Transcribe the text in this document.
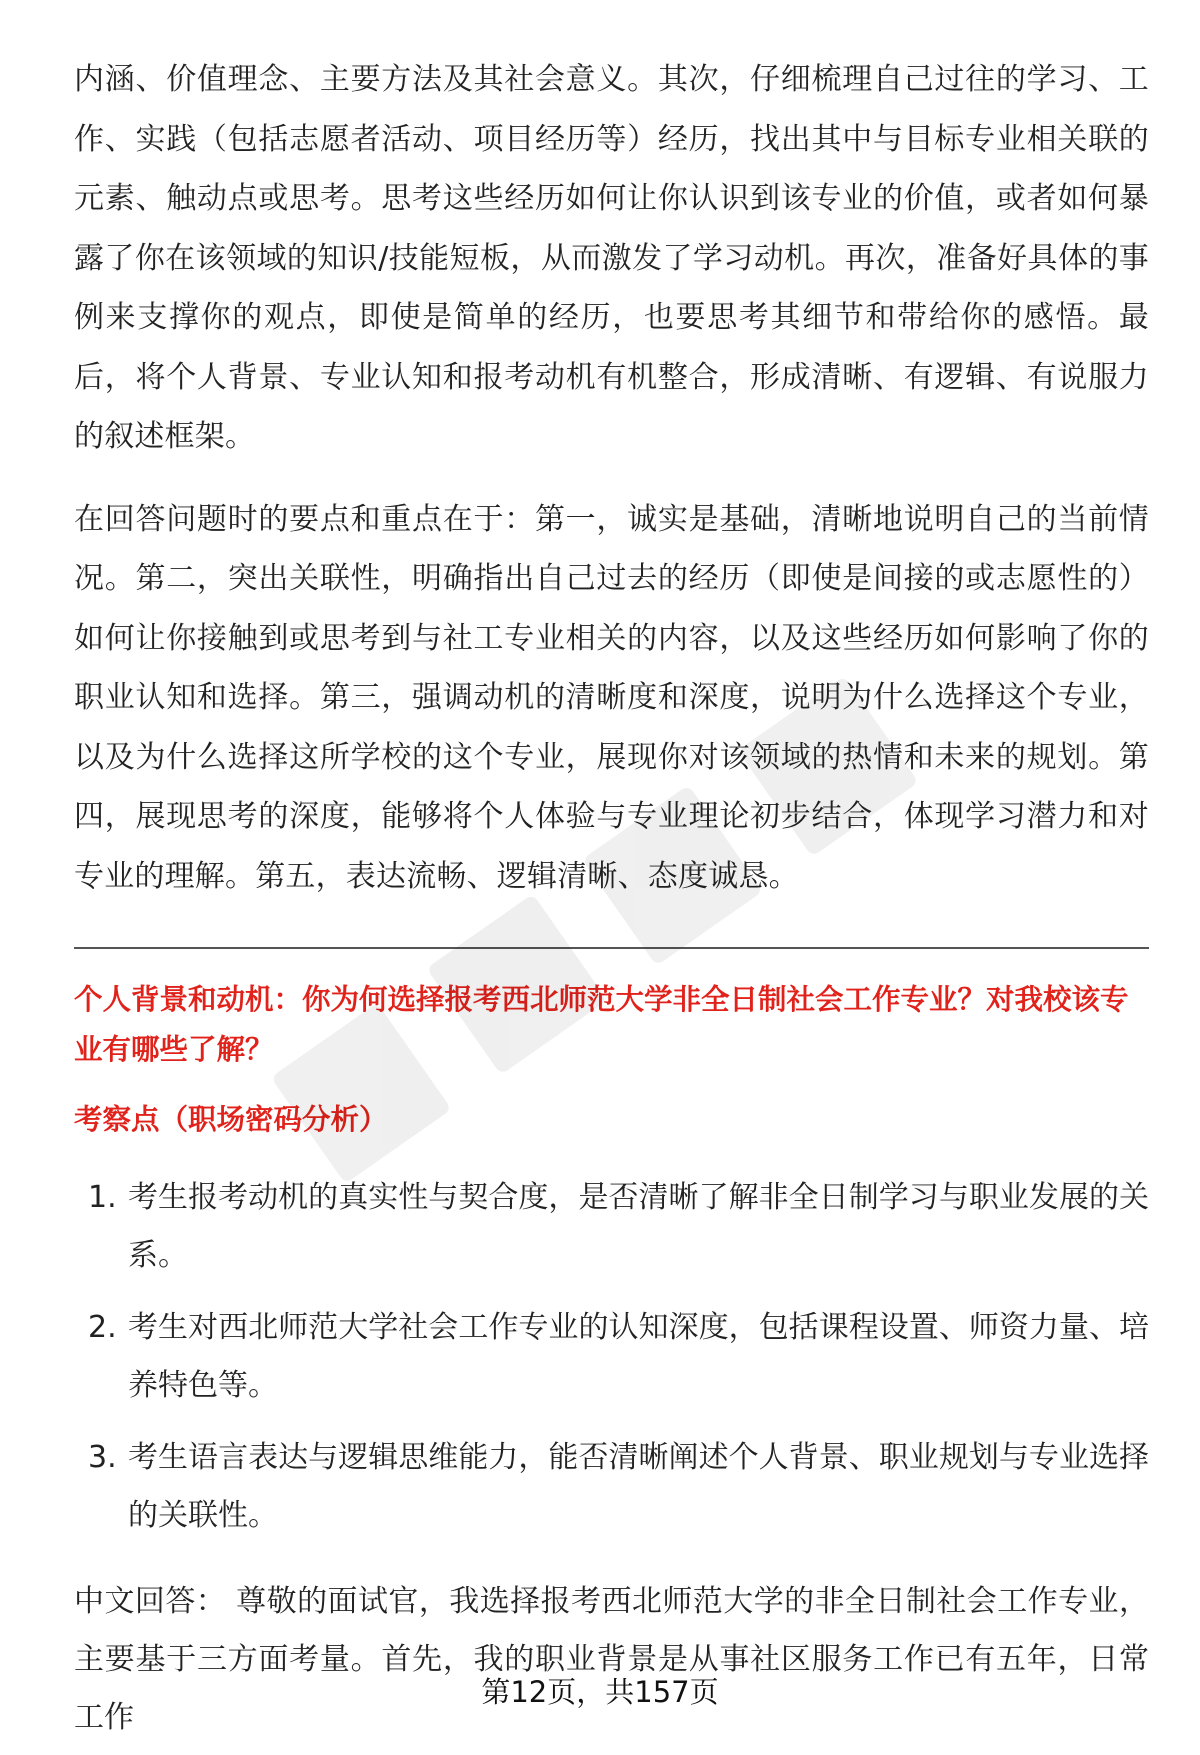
内涵、价值理念、主要方法及其社会意义。其次，仔细梳理自己过往的学习、工作、实践（包括志愿者活动、项目经历等）经历，找出其中与目标专业相关联的元素、触动点或思考。思考这些经历如何让你认识到该专业的价值，或者如何暴露了你在该领域的知识/技能短板，从而激发了学习动机。再次，准备好具体的事例来支撑你的观点，即使是简单的经历，也要思考其细节和带给你的感悟。最后，将个人背景、专业认知和报考动机有机整合，形成清晰、有逻辑、有说服力的叙述框架。

在回答问题时的要点和重点在于：第一，诚实是基础，清晰地说明自己的当前情况。第二，突出关联性，明确指出自己过去的经历（即使是间接的或志愿性的）如何让你接触到或思考到与社工专业相关的内容，以及这些经历如何影响了你的职业认知和选择。第三，强调动机的清晰度和深度，说明为什么选择这个专业，以及为什么选择这所学校的这个专业，展现你对该领域的热情和未来的规划。第四，展现思考的深度，能够将个人体验与专业理论初步结合，体现学习潜力和对专业的理解。第五，表达流畅、逻辑清晰、态度诚恳。

个人背景和动机：你为何选择报考西北师范大学非全日制社会工作专业？对我校该专业有哪些了解？

考察点（职场密码分析）

1. 考生报考动机的真实性与契合度，是否清晰了解非全日制学习与职业发展的关系。
2. 考生对西北师范大学社会工作专业的认知深度，包括课程设置、师资力量、培养特色等。
3. 考生语言表达与逻辑思维能力，能否清晰阐述个人背景、职业规划与专业选择的关联性。

中文回答： 尊敬的面试官，我选择报考西北师范大学的非全日制社会工作专业，主要基于三方面考量。首先，我的职业背景是从事社区服务工作已有五年，日常工作

第12页，共157页
